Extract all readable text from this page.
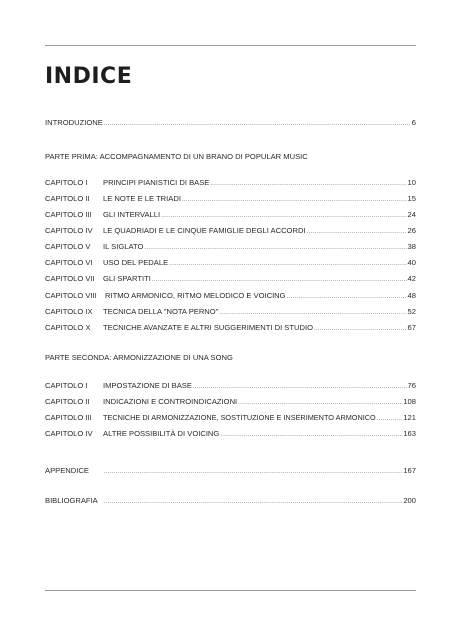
INDICE
INTRODUZIONE .....	6
PARTE PRIMA: ACCOMPAGNAMENTO DI UN BRANO DI POPULAR MUSIC
CAPITOLO I	PRINCIPI PIANISTICI DI BASE .....	10
CAPITOLO II	LE NOTE E LE TRIADI .....	15
CAPITOLO III	GLI INTERVALLI .....	24
CAPITOLO IV	LE QUADRIADI E LE CINQUE FAMIGLIE DEGLI ACCORDI .....	26
CAPITOLO V	IL SIGLATO .....	38
CAPITOLO VI	USO DEL PEDALE .....	40
CAPITOLO VII	GLI SPARTITI .....	42
CAPITOLO VIII	RITMO ARMONICO, RITMO MELODICO E VOICING .....	48
CAPITOLO IX	TECNICA DELLA "NOTA PERNO" .....	52
CAPITOLO X	TECNICHE AVANZATE E ALTRI SUGGERIMENTI DI STUDIO .....	67
PARTE SECONDA: ARMONIZZAZIONE DI UNA SONG
CAPITOLO I	IMPOSTAZIONE DI BASE .....	76
CAPITOLO II	INDICAZIONI E CONTROINDICAZIONI .....	108
CAPITOLO III	TECNICHE DI ARMONIZZAZIONE, SOSTITUZIONE E INSERIMENTO ARMONICO .....	121
CAPITOLO IV	ALTRE POSSIBILITÀ DI VOICING .....	163
APPENDICE .....	167
BIBLIOGRAFIA .....	200
